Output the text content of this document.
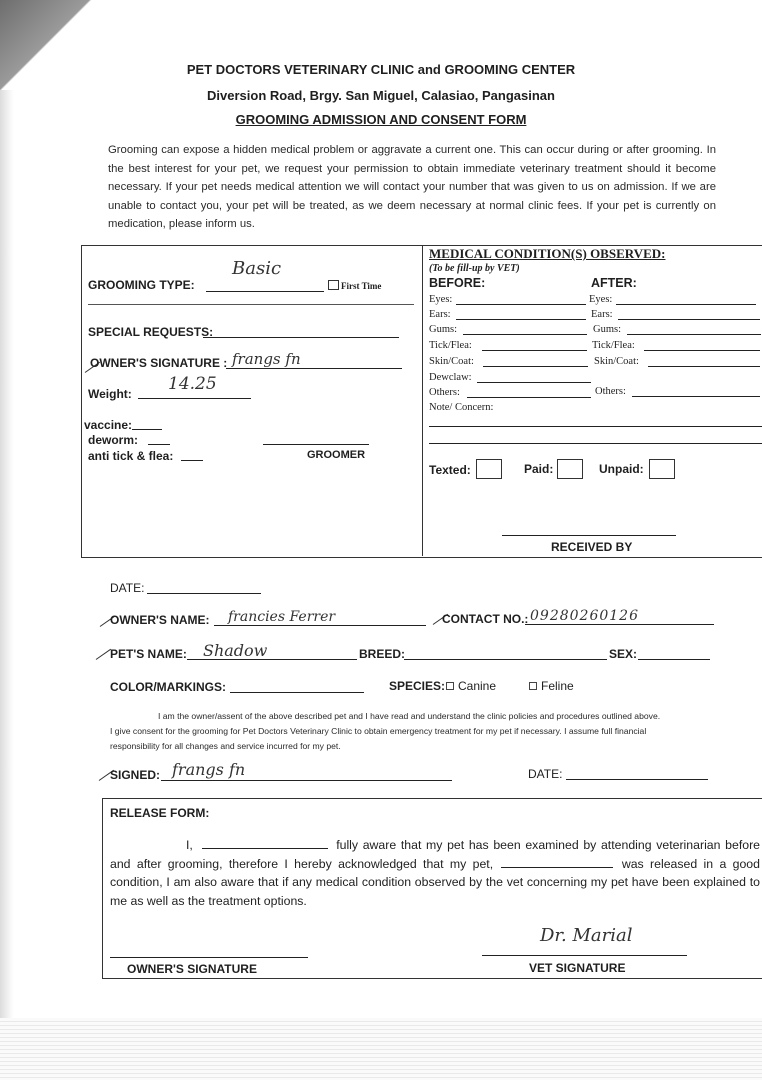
PET DOCTORS VETERINARY CLINIC and GROOMING CENTER
Diversion Road, Brgy. San Miguel, Calasiao, Pangasinan
GROOMING ADMISSION AND CONSENT FORM
Grooming can expose a hidden medical problem or aggravate a current one. This can occur during or after grooming. In the best interest for your pet, we request your permission to obtain immediate veterinary treatment should it become necessary. If your pet needs medical attention we will contact your number that was given to us on admission. If we are unable to contact you, your pet will be treated, as we deem necessary at normal clinic fees. If your pet is currently on medication, please inform us.
GROOMING TYPE:
Basic
First Time
SPECIAL REQUESTS:
OWNER'S SIGNATURE : frangs fn
Weight: 14.25
vaccine:
deworm:
anti tick & flea:	GROOMER
MEDICAL CONDITION(S) OBSERVED:
(To be fill-up by VET)
BEFORE:	AFTER:
Eyes:	Eyes:
Ears:	Ears:
Gums:	Gums:
Tick/Flea:	Tick/Flea:
Skin/Coat:	Skin/Coat:
Dewclaw:
Others:	Others:
Note/ Concern:
Texted:	Paid:	Unpaid:
RECEIVED BY
DATE:
OWNER'S NAME: francies Ferrer	CONTACT NO.: 09280260126
PET'S NAME: Shadow	BREED:	SEX:
COLOR/MARKINGS:	SPECIES:	Canine	Feline
I am the owner/assent of the above described pet and I have read and understand the clinic policies and procedures outlined above.
I give consent for the grooming for Pet Doctors Veterinary Clinic to obtain emergency treatment for my pet if necessary. I assume full financial
responsibility for all changes and service incurred for my pet.
SIGNED: frangs fn	DATE:
RELEASE FORM:
I,	fully aware that my pet has been examined by attending veterinarian before and after grooming, therefore I hereby acknowledged that my pet,	was released in a good condition, I am also aware that if any medical condition observed by the vet concerning my pet have been explained to me as well as the treatment options.
OWNER'S SIGNATURE
Dr. Marial
VET SIGNATURE
